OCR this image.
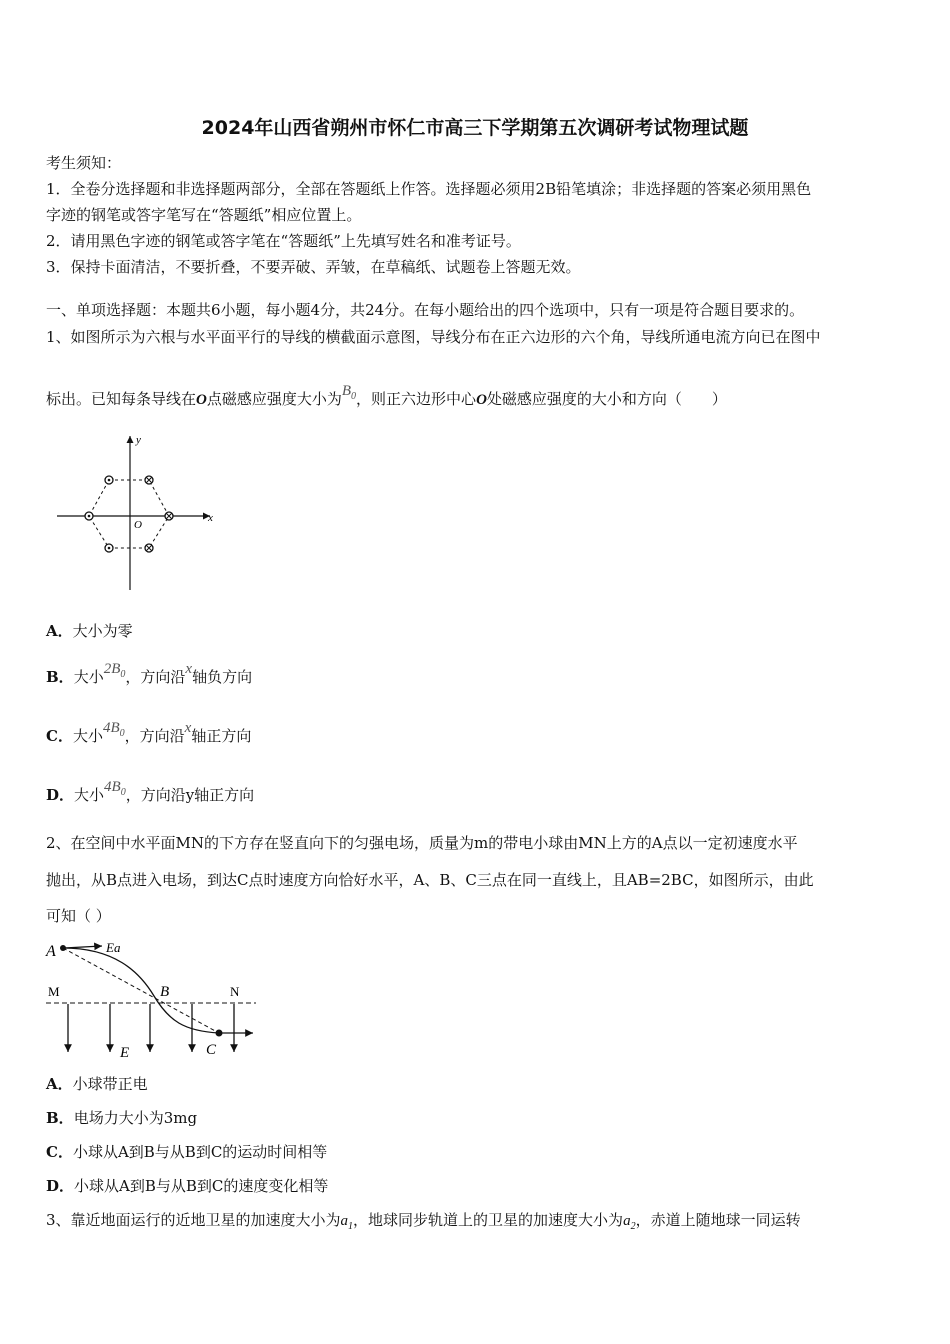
2024年山西省朔州市怀仁市高三下学期第五次调研考试物理试题
考生须知：
1．全卷分选择题和非选择题两部分，全部在答题纸上作答。选择题必须用2B铅笔填涂；非选择题的答案必须用黑色
字迹的钢笔或答字笔写在“答题纸”相应位置上。
2．请用黑色字迹的钢笔或答字笔在“答题纸”上先填写姓名和准考证号。
3．保持卡面清洁，不要折叠，不要弄破、弄皱，在草稿纸、试题卷上答题无效。
一、单项选择题：本题共6小题，每小题4分，共24分。在每小题给出的四个选项中，只有一项是符合题目要求的。
1、如图所示为六根与水平面平行的导线的横截面示意图，导线分布在正六边形的六个角，导线所通电流方向已在图中
标出。已知每条导线在O点磁感应强度大小为$B_0$，则正六边形中心O处磁感应强度的大小和方向（　　）
x
y
O
A．大小为零
B．大小$2B_0$，方向沿x轴负方向
C．大小$4B_0$，方向沿x轴正方向
D．大小$4B_0$，方向沿y轴正方向
2、在空间中水平面MN的下方存在竖直向下的匀强电场，质量为m的带电小球由MN上方的A点以一定初速度水平
抛出，从B点进入电场，到达C点时速度方向恰好水平，A、B、C三点在同一直线上，且AB=2BC，如图所示，由此
可知（ ）
A	Ea
M	N
B
E	C
A．小球带正电
B．电场力大小为3mg
C．小球从A到B与从B到C的运动时间相等
D．小球从A到B与从B到C的速度变化相等
3、靠近地面运行的近地卫星的加速度大小为$a_1$，地球同步轨道上的卫星的加速度大小为$a_2$，赤道上随地球一同运转
